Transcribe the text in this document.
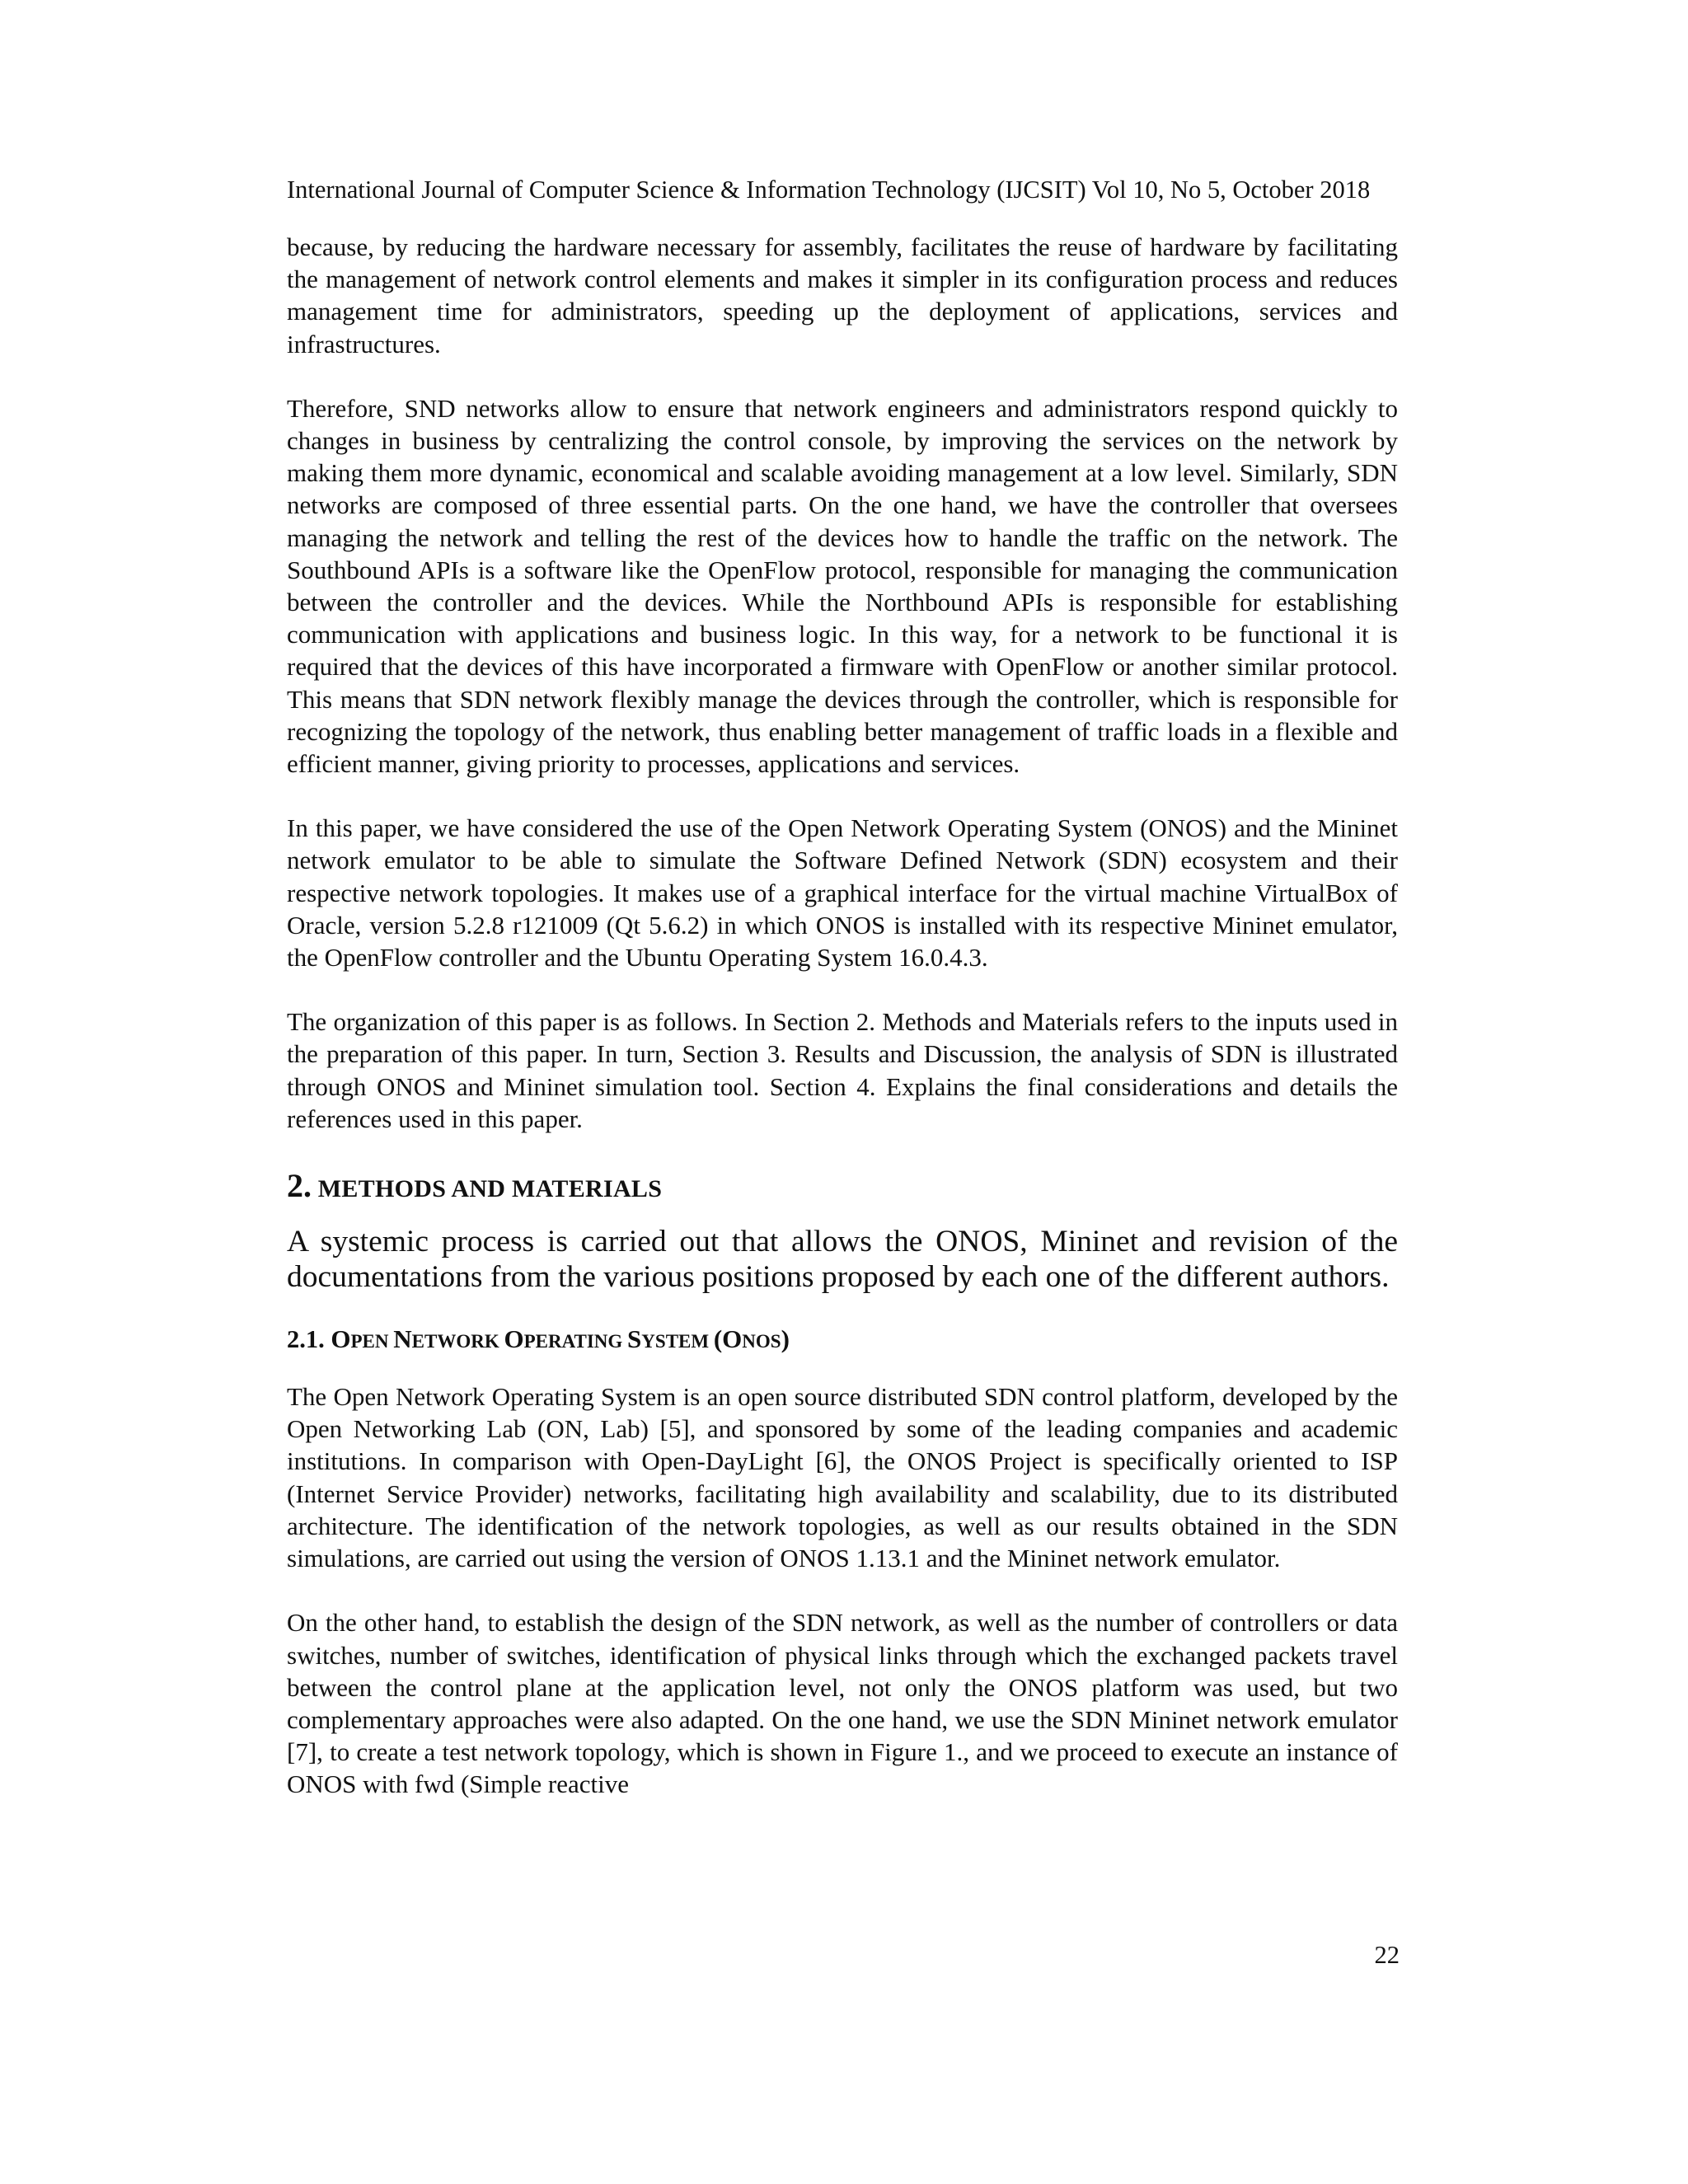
International Journal of Computer Science & Information Technology (IJCSIT) Vol 10, No 5, October 2018

because, by reducing the hardware necessary for assembly, facilitates the reuse of hardware by facilitating the management of network control elements and makes it simpler in its configuration process and reduces management time for administrators, speeding up the deployment of applications, services and infrastructures.

Therefore, SND networks allow to ensure that network engineers and administrators respond quickly to changes in business by centralizing the control console, by improving the services on the network by making them more dynamic, economical and scalable avoiding management at a low level. Similarly, SDN networks are composed of three essential parts. On the one hand, we have the controller that oversees managing the network and telling the rest of the devices how to handle the traffic on the network. The Southbound APIs is a software like the OpenFlow protocol, responsible for managing the communication between the controller and the devices. While the Northbound APIs is responsible for establishing communication with applications and business logic. In this way, for a network to be functional it is required that the devices of this have incorporated a firmware with OpenFlow or another similar protocol. This means that SDN network flexibly manage the devices through the controller, which is responsible for recognizing the topology of the network, thus enabling better management of traffic loads in a flexible and efficient manner, giving priority to processes, applications and services.

In this paper, we have considered the use of the Open Network Operating System (ONOS) and the Mininet network emulator to be able to simulate the Software Defined Network (SDN) ecosystem and their respective network topologies. It makes use of a graphical interface for the virtual machine VirtualBox of Oracle, version 5.2.8 r121009 (Qt 5.6.2) in which ONOS is installed with its respective Mininet emulator, the OpenFlow controller and the Ubuntu Operating System 16.0.4.3.

The organization of this paper is as follows. In Section 2. Methods and Materials refers to the inputs used in the preparation of this paper. In turn, Section 3. Results and Discussion, the analysis of SDN is illustrated through ONOS and Mininet simulation tool. Section 4. Explains the final considerations and details the references used in this paper.

2. METHODS AND MATERIALS

A systemic process is carried out that allows the ONOS, Mininet and revision of the documentations from the various positions proposed by each one of the different authors.

2.1. OPEN NETWORK OPERATING SYSTEM (ONOS)

The Open Network Operating System is an open source distributed SDN control platform, developed by the Open Networking Lab (ON, Lab) [5], and sponsored by some of the leading companies and academic institutions. In comparison with Open-DayLight [6], the ONOS Project is specifically oriented to ISP (Internet Service Provider) networks, facilitating high availability and scalability, due to its distributed architecture. The identification of the network topologies, as well as our results obtained in the SDN simulations, are carried out using the version of ONOS 1.13.1 and the Mininet network emulator.

On the other hand, to establish the design of the SDN network, as well as the number of controllers or data switches, number of switches, identification of physical links through which the exchanged packets travel between the control plane at the application level, not only the ONOS platform was used, but two complementary approaches were also adapted. On the one hand, we use the SDN Mininet network emulator [7], to create a test network topology, which is shown in Figure 1., and we proceed to execute an instance of ONOS with fwd (Simple reactive

22
